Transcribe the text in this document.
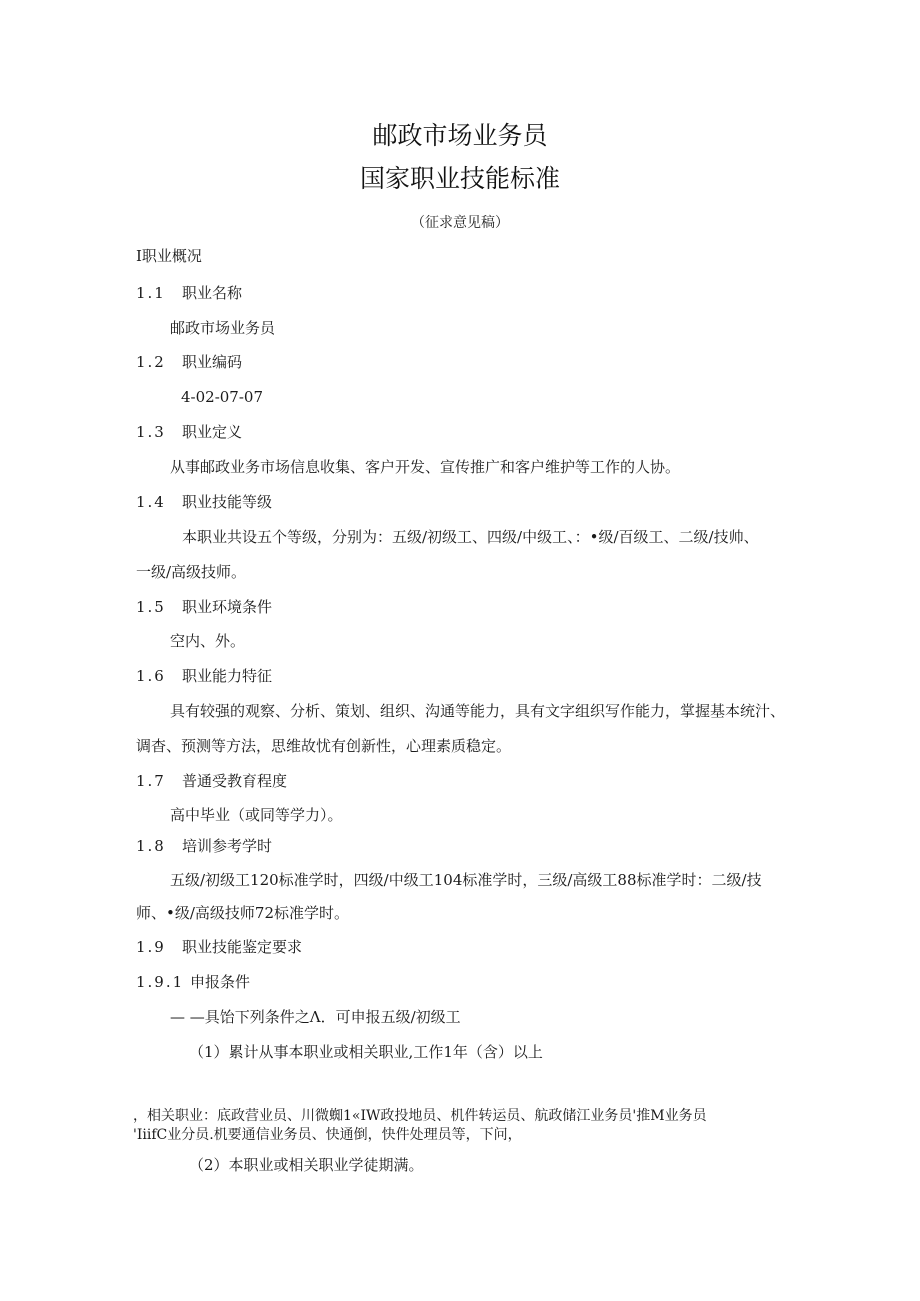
邮政市场业务员
国家职业技能标准
（征求意见稿）
I职业概况
1.1 职业名称
邮政市场业务员
1.2 职业编码
4-02-07-07
1.3 职业定义
从事邮政业务市场信息收集、客户开发、宣传推广和客户维护等工作的人协。
1.4 职业技能等级
本职业共设五个等级，分别为：五级/初级工、四级/中级工、：•级/百级工、二级/技帅、
一级/高级技师。
1.5 职业环境条件
空内、外。
1.6 职业能力特征
具有较强的观察、分析、策划、组织、沟通等能力，具有文字组织写作能力，掌握基本统汁、
调杳、预测等方法，思维故忧有创新性，心理素质稳定。
1.7 普通受教育程度
高中毕业（或同等学力）。
1.8 培训参考学时
五级/初级工120标准学时，四级/中级工104标准学时，三级/高级工88标准学时：二级/技
师、•级/高级技师72标准学时。
1.9 职业技能鉴定要求
1.9.1 申报条件
— —具饴下列条件之Λ．可申报五级/初级工
（1）累计从事本职业或相关职业,工作1年（含）以上
，相关职业：底政营业员、川微蜘1«IW政投地员、机件转运员、航政储江业务员'推M业务员
'IiifC业分员.机要通信业务员、快通倒，快件处理员等，下问，
（2）本职业或相关职业学徒期满。
